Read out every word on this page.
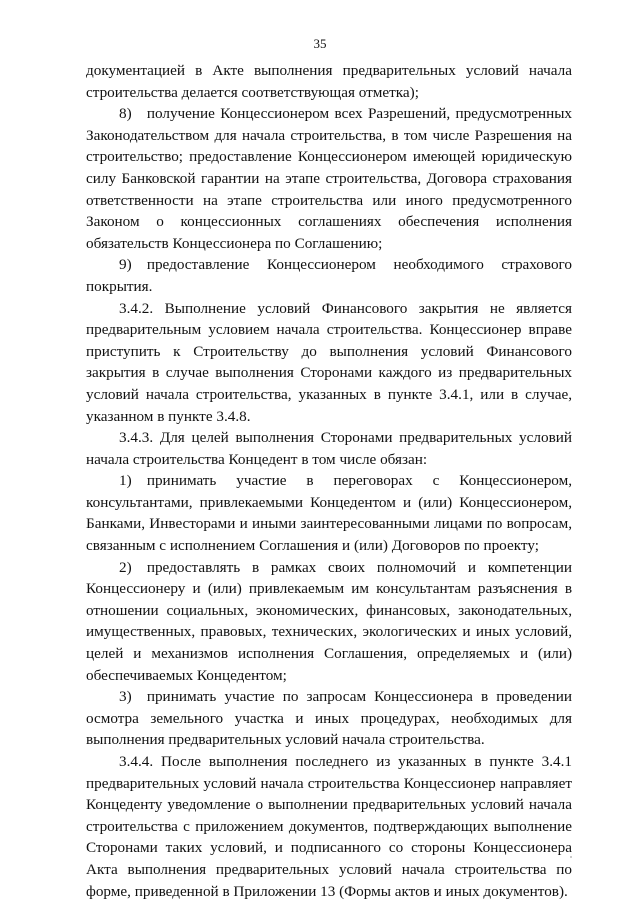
35

документацией в Акте выполнения предварительных условий начала строительства делается соответствующая отметка);

8) получение Концессионером всех Разрешений, предусмотренных Законодательством для начала строительства, в том числе Разрешения на строительство; предоставление Концессионером имеющей юридическую силу Банковской гарантии на этапе строительства, Договора страхования ответственности на этапе строительства или иного предусмотренного Законом о концессионных соглашениях обеспечения исполнения обязательств Концессионера по Соглашению;

9) предоставление Концессионером необходимого страхового покрытия.

3.4.2. Выполнение условий Финансового закрытия не является предварительным условием начала строительства. Концессионер вправе приступить к Строительству до выполнения условий Финансового закрытия в случае выполнения Сторонами каждого из предварительных условий начала строительства, указанных в пункте 3.4.1, или в случае, указанном в пункте 3.4.8.

3.4.3. Для целей выполнения Сторонами предварительных условий начала строительства Концедент в том числе обязан:

1) принимать участие в переговорах с Концессионером, консультантами, привлекаемыми Концедентом и (или) Концессионером, Банками, Инвесторами и иными заинтересованными лицами по вопросам, связанным с исполнением Соглашения и (или) Договоров по проекту;

2) предоставлять в рамках своих полномочий и компетенции Концессионеру и (или) привлекаемым им консультантам разъяснения в отношении социальных, экономических, финансовых, законодательных, имущественных, правовых, технических, экологических и иных условий, целей и механизмов исполнения Соглашения, определяемых и (или) обеспечиваемых Концедентом;

3) принимать участие по запросам Концессионера в проведении осмотра земельного участка и иных процедурах, необходимых для выполнения предварительных условий начала строительства.

3.4.4. После выполнения последнего из указанных в пункте 3.4.1 предварительных условий начала строительства Концессионер направляет Концеденту уведомление о выполнении предварительных условий начала строительства с приложением документов, подтверждающих выполнение Сторонами таких условий, и подписанного со стороны Концессионера Акта выполнения предварительных условий начала строительства по форме, приведенной в Приложении 13 (Формы актов и иных документов).
